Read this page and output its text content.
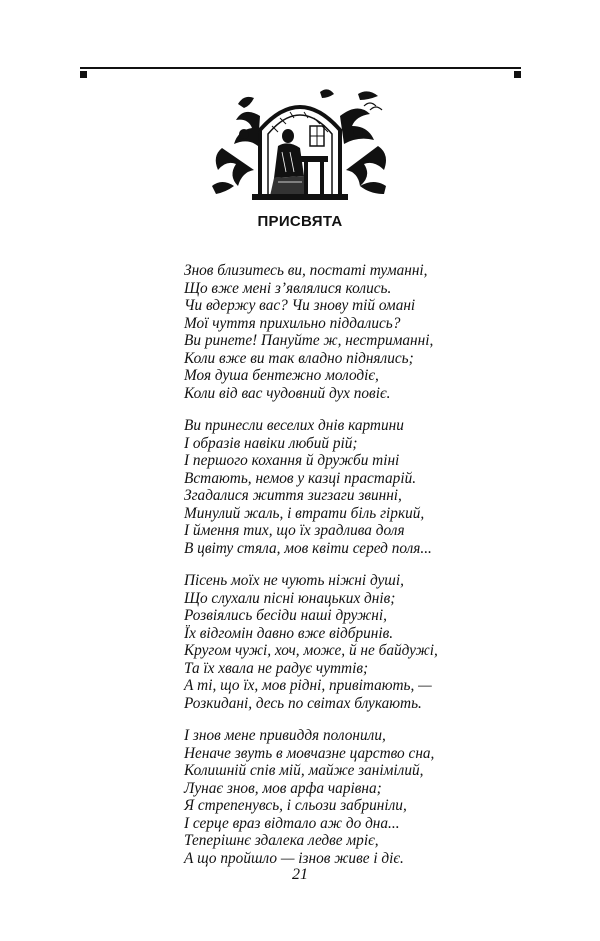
ПРИСВЯТА
Знов близитесь ви, постаті туманні,
Що вже мені з’являлися колись.
Чи вдержу вас? Чи знову тій омані
Мої чуття прихильно піддались?
Ви ринете! Пануйте ж, нестриманні,
Коли вже ви так владно піднялись;
Моя душа бентежно молодіє,
Коли від вас чудовний дух повіє.
Ви принесли веселих днів картини
І образів навіки любий рій;
І першого кохання й дружби тіні
Встають, немов у казці прастарій.
Згадалися життя зигзаги звинні,
Минулий жаль, і втрати біль гіркий,
І ймення тих, що їх зрадлива доля
В цвіту стяла, мов квіти серед поля...
Пісень моїх не чують ніжні душі,
Що слухали пісні юнацьких днів;
Розвіялись бесіди наші дружні,
Їх відгомін давно вже відбринів.
Кругом чужі, хоч, може, й не байдужі,
Та їх хвала не радує чуттів;
А ті, що їх, мов рідні, привітають, —
Розкидані, десь по світах блукають.
І знов мене привиддя полонили,
Неначе звуть в мовчазне царство сна,
Колишній спів мій, майже занімілий,
Лунає знов, мов арфа чарівна;
Я стрепенувсь, і сльози забриніли,
І серце враз відтало аж до дна...
Теперішнє здалека ледве мріє,
А що пройшло — ізнов живе і діє.
21
